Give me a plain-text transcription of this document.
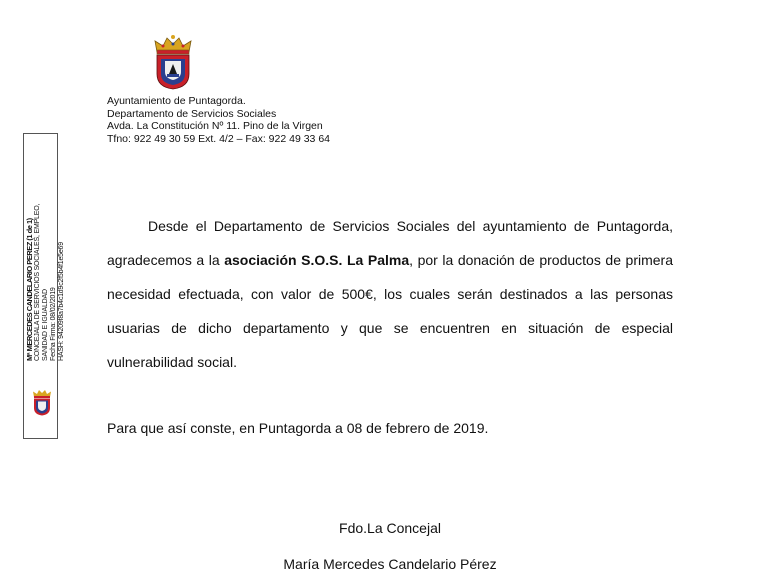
Ayuntamiento de Puntagorda.
Departamento de Servicios Sociales
Avda. La Constitución Nº 11. Pino de la Virgen
Tfno: 922 49 30 59 Ext. 4/2 – Fax: 922 49 33 64
Mª MERCEDES CANDELARIO PEREZ (1 de 1) CONCEJALA DE SERVICIOS SOCIALES, EMPLEO, SANIDAD E IGUALDAD Fecha Firma: 08/02/2019 HASH: 94209f8a7b4c1d9c2f5b4f1e5e69

Desde el Departamento de Servicios Sociales del ayuntamiento de Puntagorda, agradecemos a la asociación S.O.S. La Palma, por la donación de productos de primera necesidad efectuada, con valor de 500€, los cuales serán destinados a las personas usuarias de dicho departamento y que se encuentren en situación de especial vulnerabilidad social.

Para que así conste, en Puntagorda a 08 de febrero de 2019.
Fdo.La Concejal
María Mercedes Candelario Pérez
